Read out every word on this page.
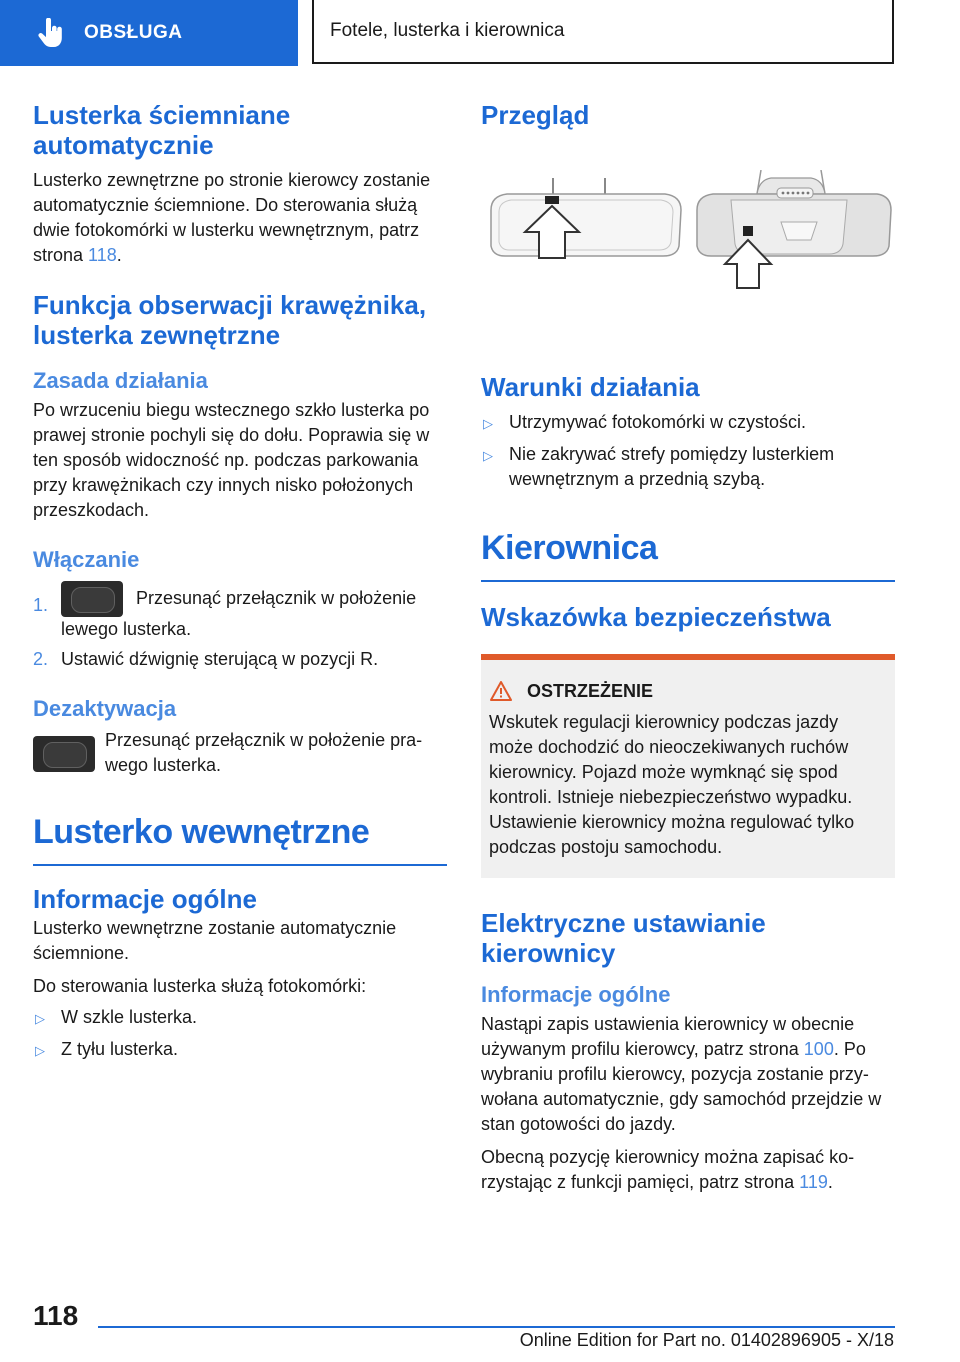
OBSŁUGA	Fotele, lusterka i kierownica
Lusterka ściemniane automatycznie

Lusterko zewnętrzne po stronie kierowcy zostanie automatycznie ściemnione. Do sterowania służą dwie fotokomórki w lusterku wewnętrznym, patrz strona 118.

Funkcja obserwacji krawężnika, lusterka zewnętrzne
Zasada działania

Po wrzuceniu biegu wstecznego szkło lusterka po prawej stronie pochyli się do dołu. Poprawia się w ten sposób widoczność np. podczas parkowania przy krawężnikach czy innych nisko położonych przeszkodach.

Włączanie
1.	Przesunąć przełącznik w położenie lewego lusterka.
2. Ustawić dźwignię sterującą w pozycji R.
Dezaktywacja

Przesunąć przełącznik w położenie prawego lusterka.

Lusterko wewnętrzne
Informacje ogólne

Lusterko wewnętrzne zostanie automatycznie ściemnione.

Do sterowania lusterka służą fotokomórki:

▷ W szkle lusterka.
▷ Z tyłu lusterka.
Przegląd
Warunki działania
▷ Utrzymywać fotokomórki w czystości.
▷ Nie zakrywać strefy pomiędzy lusterkiem wewnętrznym a przednią szybą.
Kierownica
Wskazówka bezpieczeństwa
OSTRZEŻENIE

Wskutek regulacji kierownicy podczas jazdy może dochodzić do nieoczekiwanych ruchów kierownicy. Pojazd może wymknąć się spod kontroli. Istnieje niebezpieczeństwo wypadku. Ustawienie kierownicy można regulować tylko podczas postoju samochodu.

Elektryczne ustawianie kierownicy
Informacje ogólne

Nastąpi zapis ustawienia kierownicy w obecnie używanym profilu kierowcy, patrz strona 100. Po wybraniu profilu kierowcy, pozycja zostanie przywołana automatycznie, gdy samochód przejdzie w stan gotowości do jazdy.

Obecną pozycję kierownicy można zapisać korzystając z funkcji pamięci, patrz strona 119.

118
Online Edition for Part no. 01402896905 - X/18
